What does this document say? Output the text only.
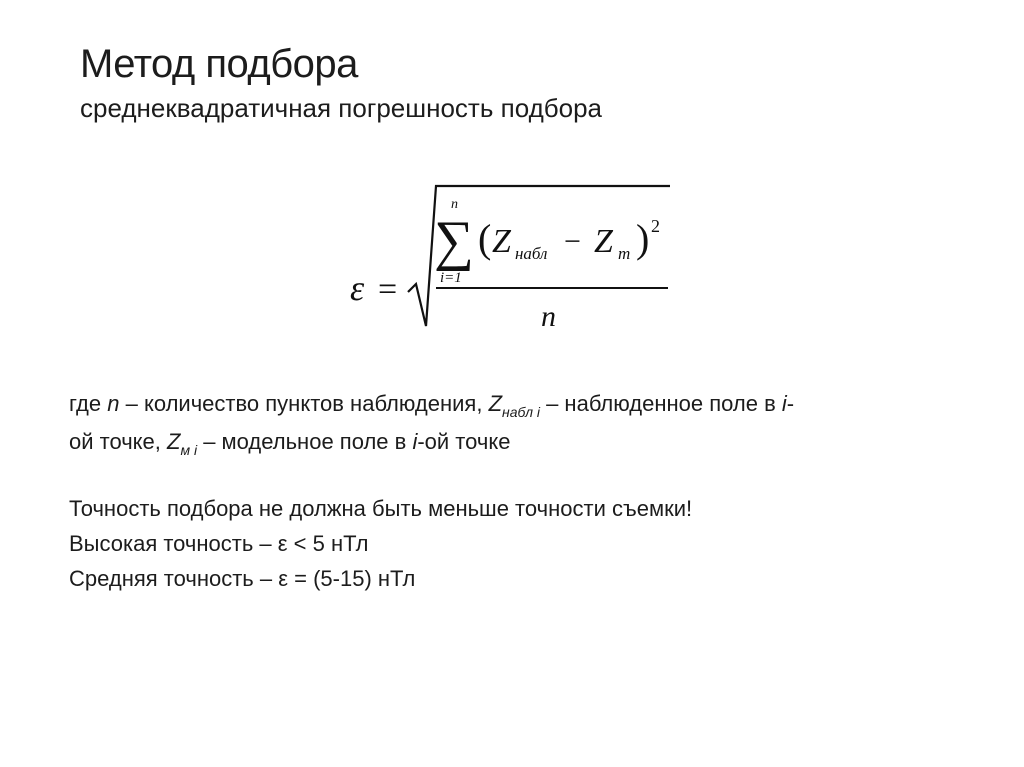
Метод подбора
среднеквадратичная погрешность подбора
ε =
n
∑
i=1
( Z набл − Z m ) 2
n
где n – количество пунктов наблюдения, $Z_{набл i}$ – наблюденное поле в i-
ой точке, $Z_{м i}$ – модельное поле в i-ой точке
Точность подбора не должна быть меньше точности съемки!
Высокая точность – ε < 5 нТл
Средняя точность – ε = (5-15) нТл
